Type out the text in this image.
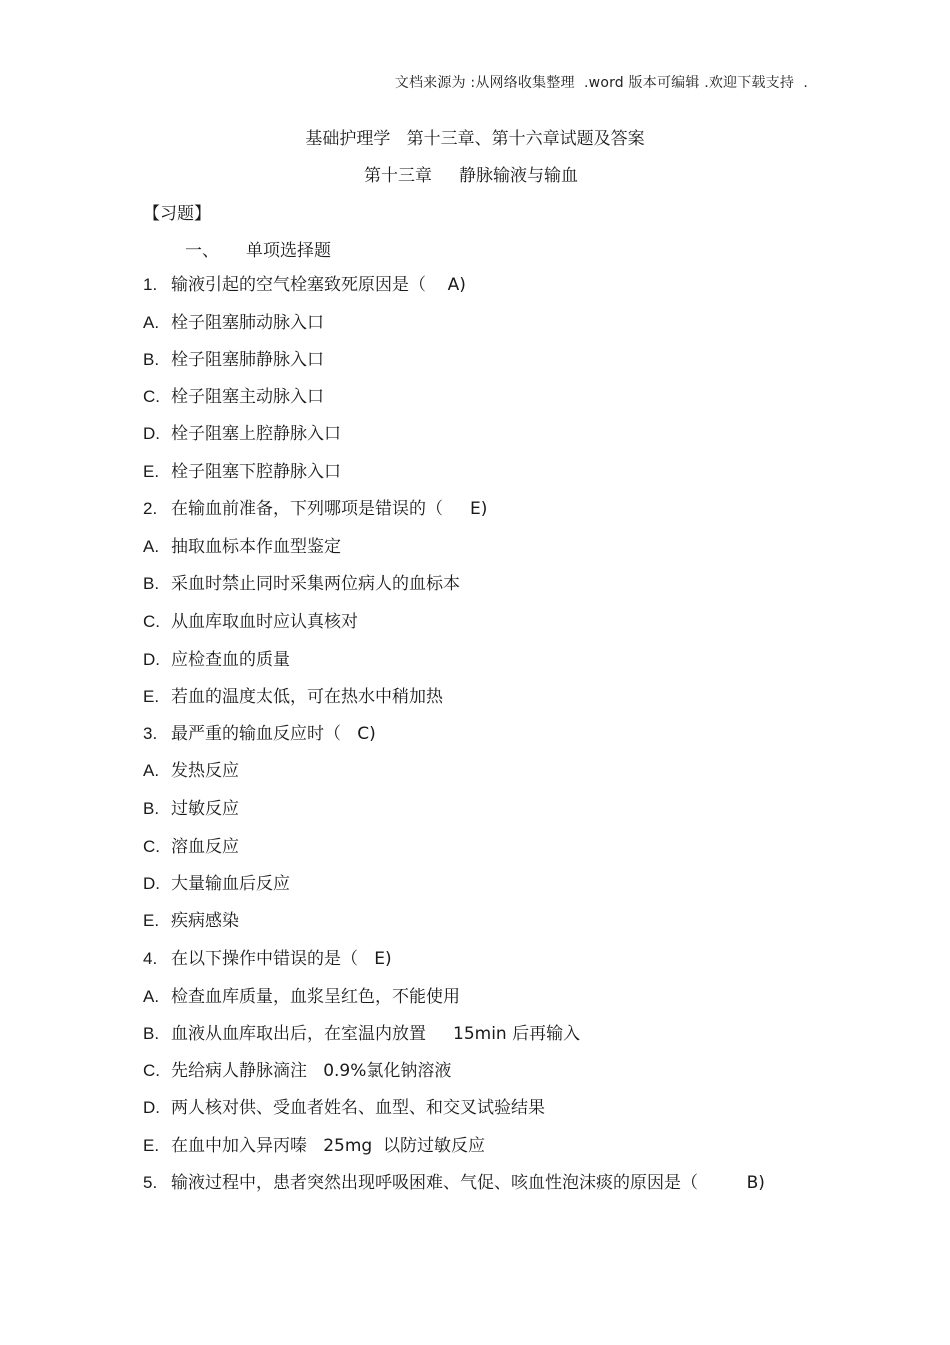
文档来源为 :从网络收集整理  .word 版本可编辑 .欢迎下载支持  .
基础护理学   第十三章、第十六章试题及答案
第十三章     静脉输液与输血
【习题】
一、     单项选择题
1. 输液引起的空气栓塞致死原因是（    A)
A. 栓子阻塞肺动脉入口
B. 栓子阻塞肺静脉入口
C. 栓子阻塞主动脉入口
D. 栓子阻塞上腔静脉入口
E. 栓子阻塞下腔静脉入口
2. 在输血前准备，下列哪项是错误的（     E)
A. 抽取血标本作血型鉴定
B. 采血时禁止同时采集两位病人的血标本
C. 从血库取血时应认真核对
D. 应检查血的质量
E. 若血的温度太低，可在热水中稍加热
3. 最严重的输血反应时（   C)
A. 发热反应
B. 过敏反应
C. 溶血反应
D. 大量输血后反应
E. 疾病感染
4. 在以下操作中错误的是（   E)
A. 检查血库质量，血浆呈红色，不能使用
B. 血液从血库取出后，在室温内放置     15min 后再输入
C. 先给病人静脉滴注   0.9%氯化钠溶液
D. 两人核对供、受血者姓名、血型、和交叉试验结果
E. 在血中加入异丙嗪   25mg  以防过敏反应
5. 输液过程中，患者突然出现呼吸困难、气促、咳血性泡沫痰的原因是（         B)
